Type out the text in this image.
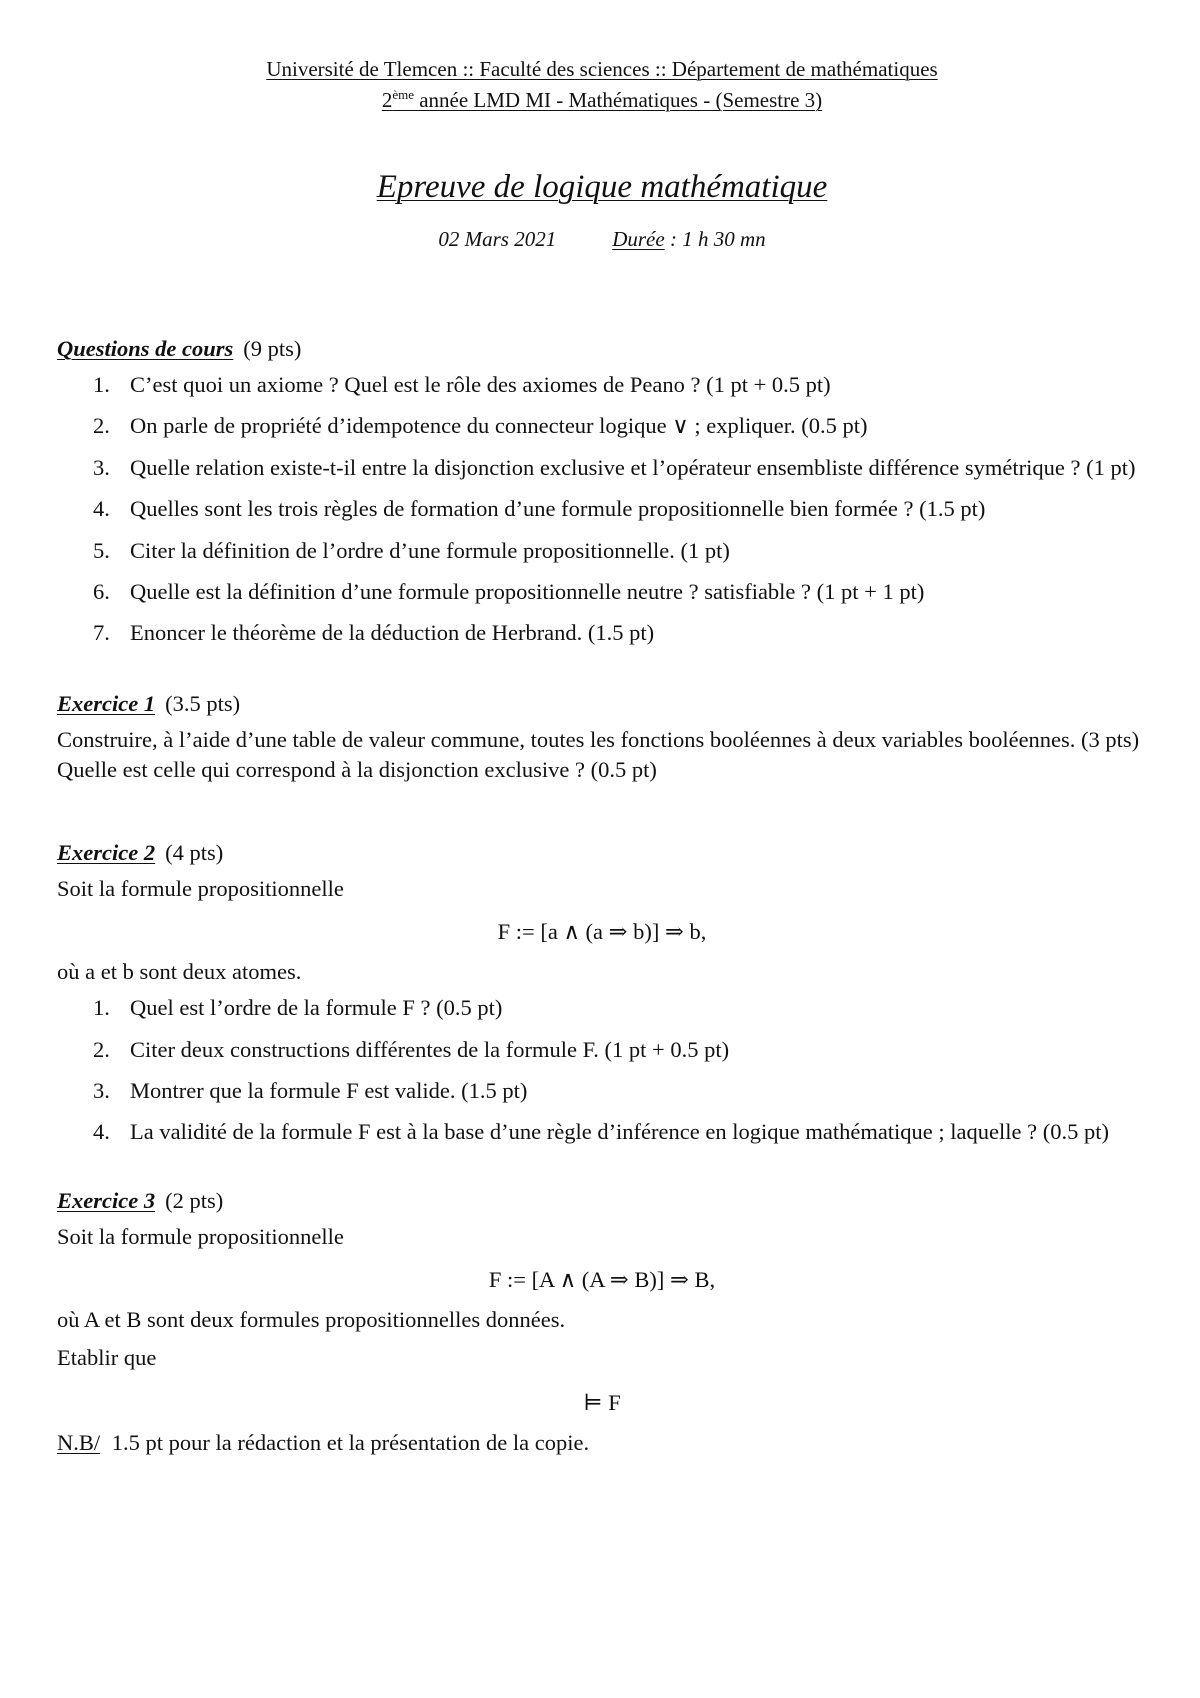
Université de Tlemcen :: Faculté des sciences :: Département de mathématiques

2ème année LMD MI - Mathématiques - (Semestre 3)

Epreuve de logique mathématique

02 Mars 2021	Durée : 1 h 30 mn

Questions de cours (9 pts)

1. C’est quoi un axiome ? Quel est le rôle des axiomes de Peano ? (1 pt + 0.5 pt)
2. On parle de propriété d’idempotence du connecteur logique ∨ ; expliquer. (0.5 pt)
3. Quelle relation existe-t-il entre la disjonction exclusive et l’opérateur ensembliste différence symétrique ? (1 pt)
4. Quelles sont les trois règles de formation d’une formule propositionnelle bien formée ? (1.5 pt)
5. Citer la définition de l’ordre d’une formule propositionnelle. (1 pt)
6. Quelle est la définition d’une formule propositionnelle neutre ? satisfiable ? (1 pt + 1 pt)
7. Enoncer le théorème de la déduction de Herbrand. (1.5 pt)

Exercice 1 (3.5 pts)

Construire, à l’aide d’une table de valeur commune, toutes les fonctions booléennes à deux variables booléennes. (3 pts) Quelle est celle qui correspond à la disjonction exclusive ? (0.5 pt)

Exercice 2 (4 pts)

Soit la formule propositionnelle

F := [a ∧ (a ⇒ b)] ⇒ b,

où a et b sont deux atomes.

1. Quel est l’ordre de la formule F ? (0.5 pt)
2. Citer deux constructions différentes de la formule F. (1 pt + 0.5 pt)
3. Montrer que la formule F est valide. (1.5 pt)
4. La validité de la formule F est à la base d’une règle d’inférence en logique mathématique ; laquelle ? (0.5 pt)

Exercice 3 (2 pts)

Soit la formule propositionnelle

F := [A ∧ (A ⇒ B)] ⇒ B,

où A et B sont deux formules propositionnelles données.

Etablir que

⊨ F

N.B/ 1.5 pt pour la rédaction et la présentation de la copie.
